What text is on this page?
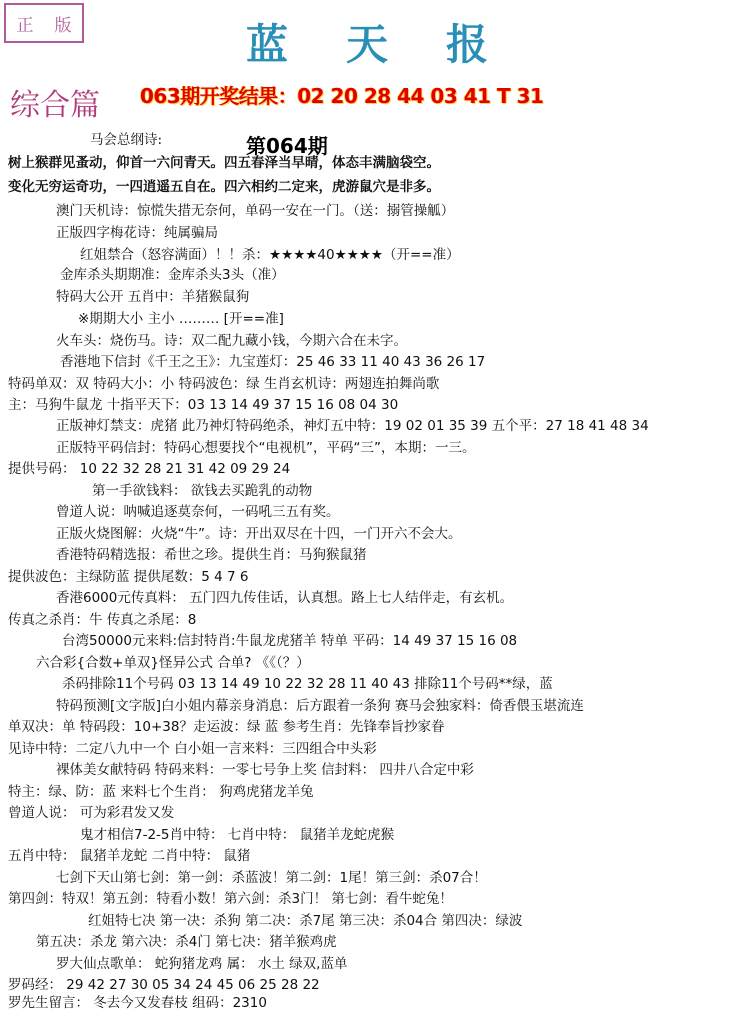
正 版	蓝天报
综合篇 063期开奖结果：02 20 28 44 03 41 T 31
第064期
马会总纲诗:
树上猴群见蚤动，仰首一六问青天。四五春泽当早晴，体态丰满脑袋空。
变化无穷运奇功，一四逍遥五自在。四六相约二定来，虎游鼠穴是非多。
澳门天机诗：惊慌失措无奈何，单码一安在一门。（送：搦管操觚）
正版四字梅花诗：纯属骗局
红姐禁合（怒容满面）！！杀：★★★★40★★★★（开==准）
金库杀头期期准：金库杀头3头（准）
特码大公开 五肖中：羊猪猴鼠狗
※期期大小 主小 ……… [开==准]
火车头：烧伤马。诗：双二配九藏小钱，今期六合在未字。
香港地下信封《千王之王》：九宝莲灯：25 46 33 11 40 43 36 26 17
特码单双：双 特码大小：小 特码波色：绿 生肖玄机诗：两翅连拍舞尚歌
主：马狗牛鼠龙 十指平天下：03 13 14 49 37 15 16 08 04 30
正版神灯禁支：虎猪 此乃神灯特码绝杀，神灯五中特：19 02 01 35 39 五个平：27 18 41 48 34
正版特平码信封：特码心想要找个“电视机”，平码“三”，本期：一三。
提供号码： 10 22 32 28 21 31 42 09 29 24
第一手欲钱料： 欲钱去买跪乳的动物
曾道人说：呐喊追逐莫奈何，一码吼三五有奖。
正版火烧图解：火烧“牛”。诗：开出双尽在十四，一门开六不会大。
香港特码精选报：希世之珍。提供生肖：马狗猴鼠猪
提供波色：主绿防蓝 提供尾数：5 4 7 6
香港6000元传真料： 五门四九传佳话，认真想。路上七人结伴走，有玄机。
传真之杀肖：牛 传真之杀尾：8
台湾50000元来料:信封特肖:牛鼠龙虎猪羊 特单 平码：14 49 37 15 16 08
六合彩{合数+单双}怪异公式 合单? 《《（？）
杀码排除11个号码 03 13 14 49 10 22 32 28 11 40 43 排除11个号码**绿，蓝
特码预测[文字版]白小姐内幕亲身消息：后方跟着一条狗 赛马会独家料：倚香偎玉堪流连
单双决：单 特码段：10+38？走运波：绿 蓝 参考生肖：先锋奉旨抄家眷
见诗中特：二定八九中一个 白小姐一言来料：三四组合中头彩
裸体美女献特码 特码来料：一零七号争上奖 信封料： 四井八合定中彩
特主：绿、防：蓝 来料七个生肖： 狗鸡虎猪龙羊兔
曾道人说： 可为彩君发又发
鬼才相信7-2-5肖中特： 七肖中特： 鼠猪羊龙蛇虎猴
五肖中特： 鼠猪羊龙蛇 二肖中特： 鼠猪
七剑下天山第七剑：第一剑：杀蓝波！第二剑：1尾！第三剑：杀07合！
第四剑：特双！第五剑：特看小数！第六剑：杀3门！ 第七剑：看牛蛇兔！
红姐特七决 第一决：杀狗 第二决：杀7尾 第三决：杀04合 第四决：绿波
第五决：杀龙 第六决：杀4门 第七决：猪羊猴鸡虎
罗大仙点歌单： 蛇狗猪龙鸡 属： 水土 绿双,蓝单
罗码经： 29 42 27 30 05 34 24 45 06 25 28 22
罗先生留言： 冬去今又发春枝 组码：2310
